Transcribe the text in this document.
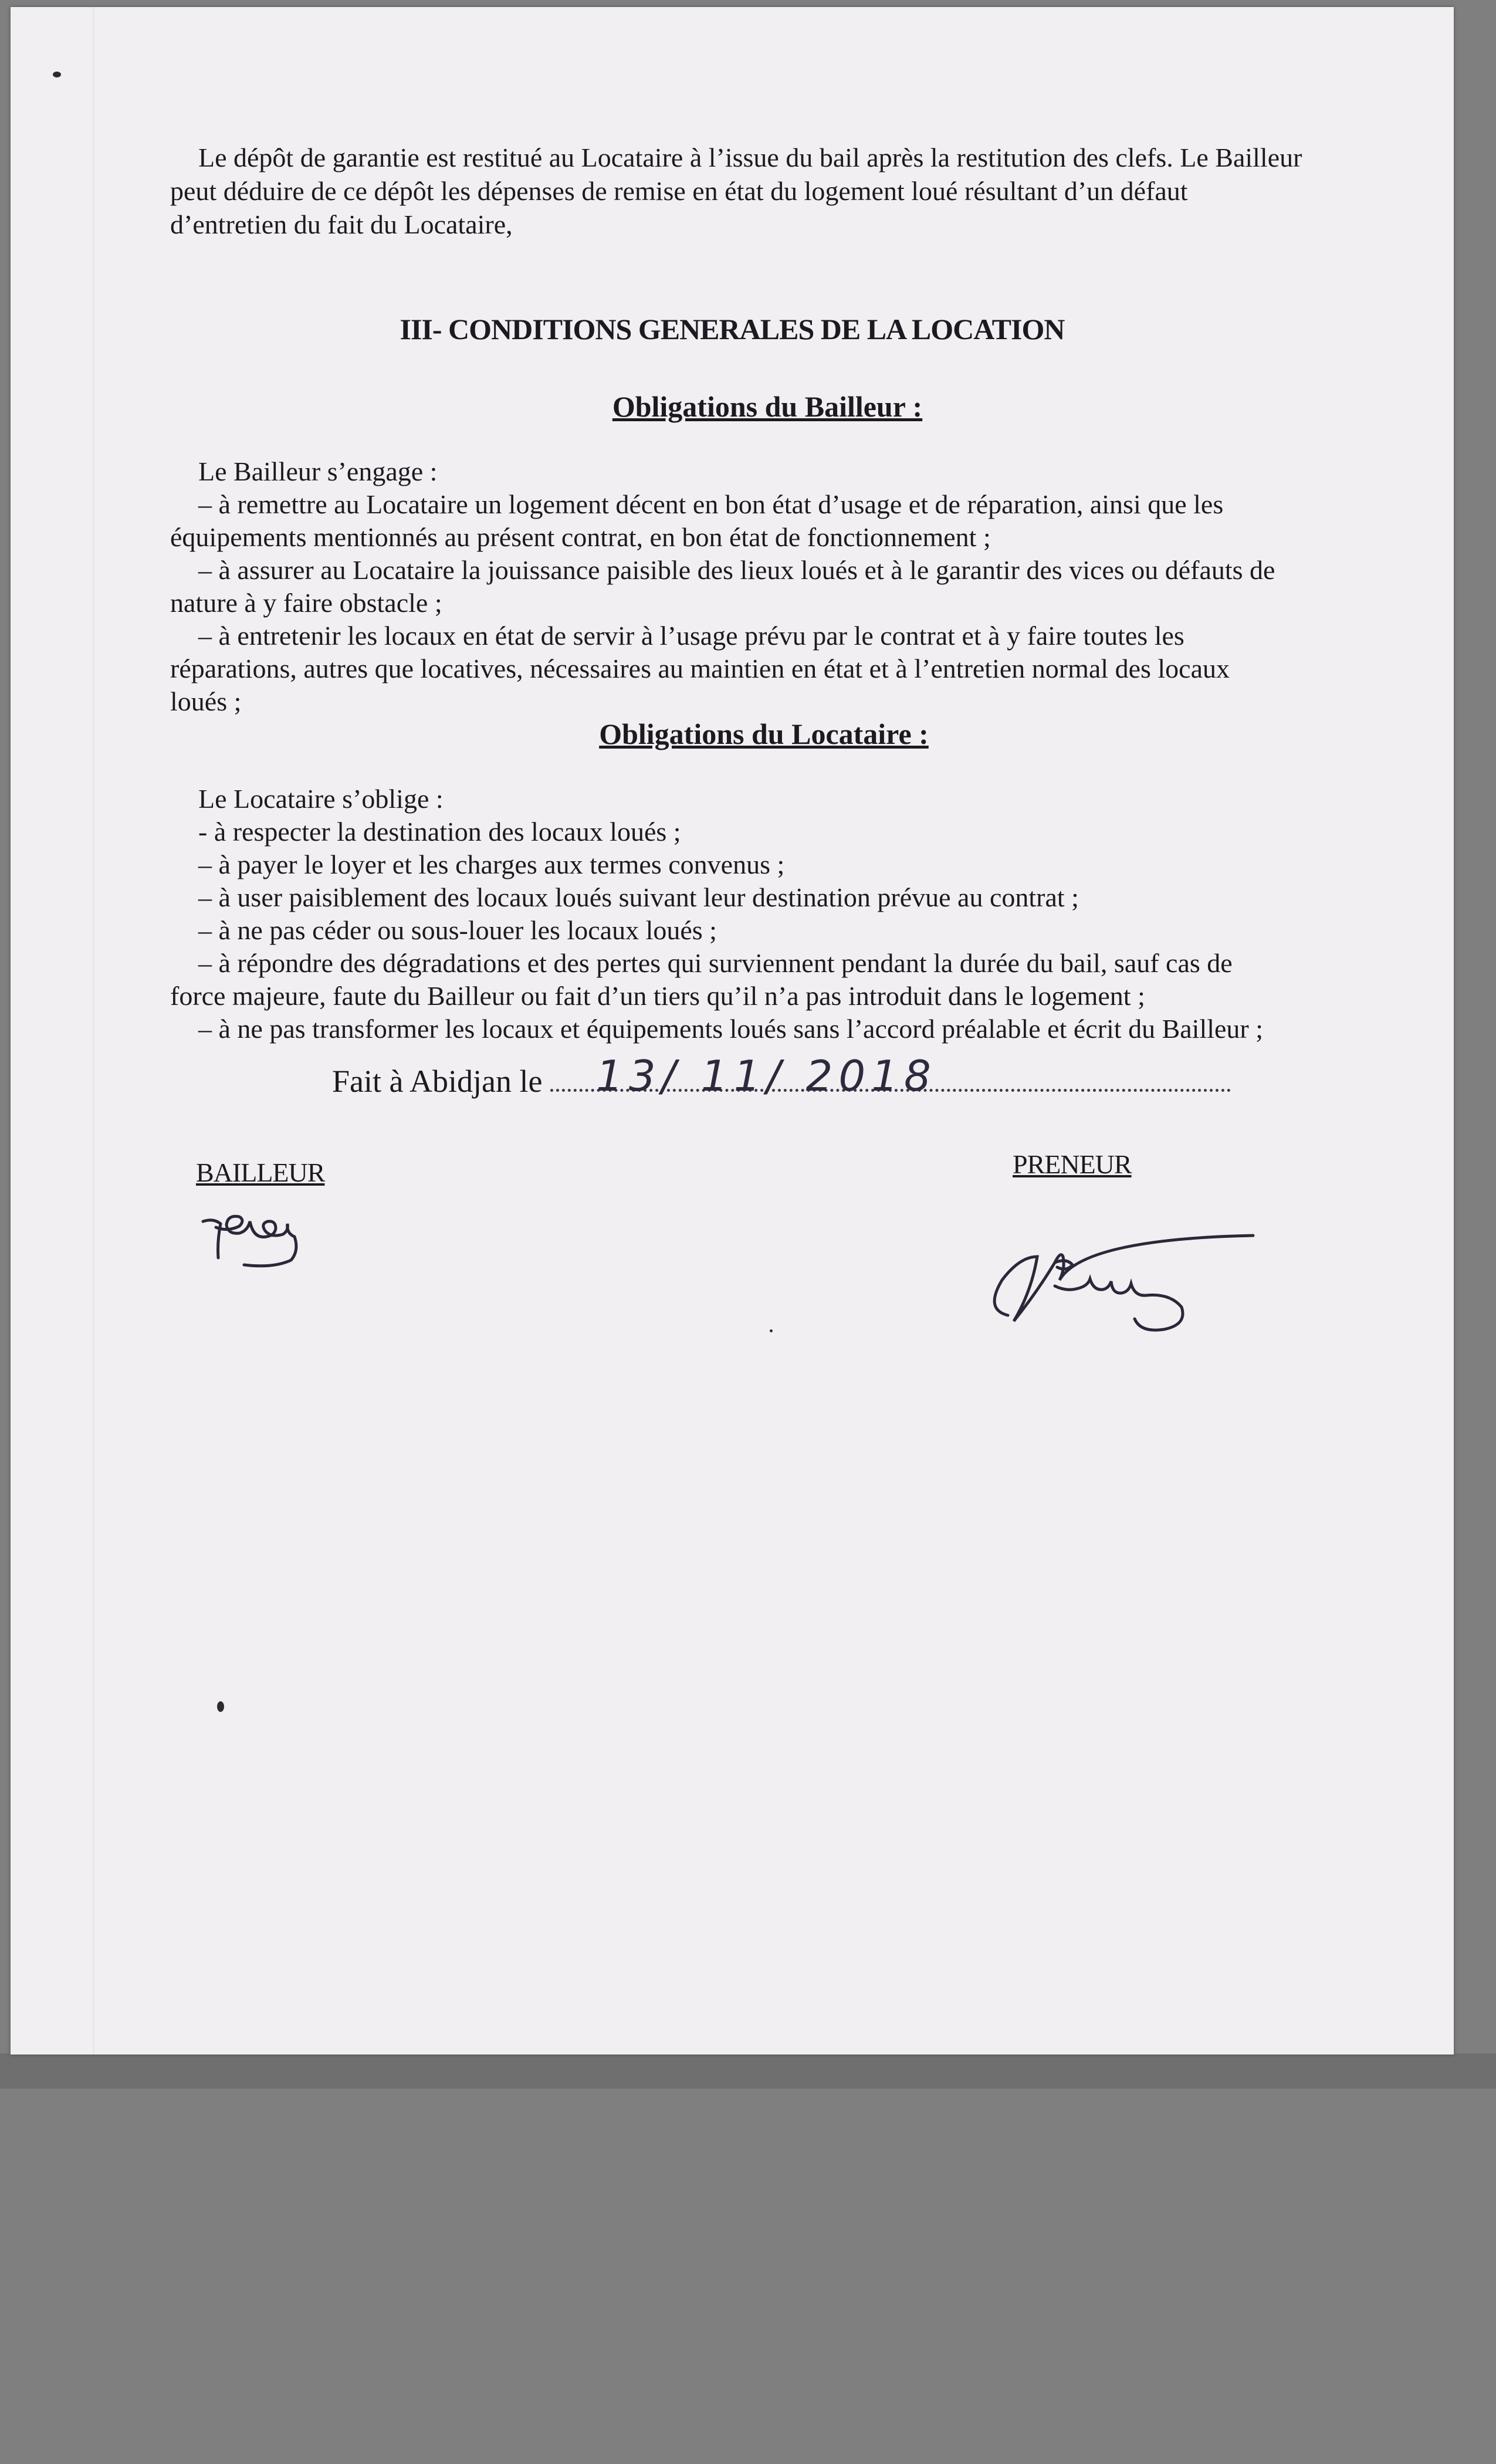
Le dépôt de garantie est restitué au Locataire à l’issue du bail après la restitution des clefs. Le Bailleur

peut déduire de ce dépôt les dépenses de remise en état du logement loué résultant d’un défaut

d’entretien du fait du Locataire,

III- CONDITIONS GENERALES DE LA LOCATION
Obligations du Bailleur :

Le Bailleur s’engage :

– à remettre au Locataire un logement décent en bon état d’usage et de réparation, ainsi que les

équipements mentionnés au présent contrat, en bon état de fonctionnement ;

– à assurer au Locataire la jouissance paisible des lieux loués et à le garantir des vices ou défauts de

nature à y faire obstacle ;

– à entretenir les locaux en état de servir à l’usage prévu par le contrat et à y faire toutes les

réparations, autres que locatives, nécessaires au maintien en état et à l’entretien normal des locaux

loués ;

Obligations du Locataire :

Le Locataire s’oblige :

- à respecter la destination des locaux loués ;

– à payer le loyer et les charges aux termes convenus ;

– à user paisiblement des locaux loués suivant leur destination prévue au contrat ;

– à ne pas céder ou sous-louer les locaux loués ;

– à répondre des dégradations et des pertes qui surviennent pendant la durée du bail, sauf cas de

force majeure, faute du Bailleur ou fait d’un tiers qu’il n’a pas introduit dans le logement ;

– à ne pas transformer les locaux et équipements loués sans l’accord préalable et écrit du Bailleur ;

Fait à Abidjan le	13/ 11/ 2018
BAILLEUR	PRENEUR
